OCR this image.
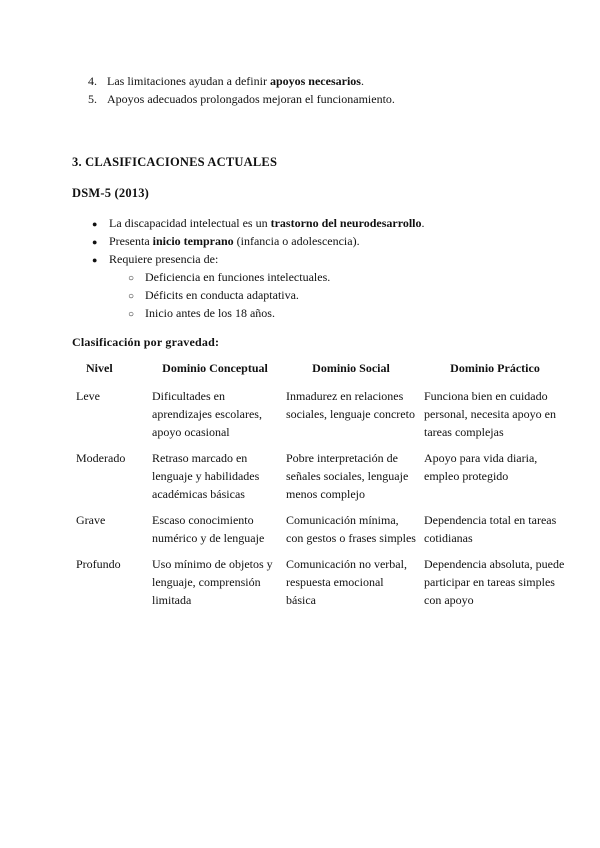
4. Las limitaciones ayudan a definir apoyos necesarios.
5. Apoyos adecuados prolongados mejoran el funcionamiento.
3. CLASIFICACIONES ACTUALES
DSM-5 (2013)
● La discapacidad intelectual es un trastorno del neurodesarrollo.
● Presenta inicio temprano (infancia o adolescencia).
● Requiere presencia de:
○ Deficiencia en funciones intelectuales.
○ Déficits en conducta adaptativa.
○ Inicio antes de los 18 años.
Clasificación por gravedad:
Nivel	Dominio Conceptual	Dominio Social	Dominio Práctico
Leve	Dificultades en aprendizajes escolares, apoyo ocasional	Inmadurez en relaciones sociales, lenguaje concreto	Funciona bien en cuidado personal, necesita apoyo en tareas complejas
Moderado	Retraso marcado en lenguaje y habilidades académicas básicas	Pobre interpretación de señales sociales, lenguaje menos complejo	Apoyo para vida diaria, empleo protegido
Grave	Escaso conocimiento numérico y de lenguaje	Comunicación mínima, con gestos o frases simples	Dependencia total en tareas cotidianas
Profundo	Uso mínimo de objetos y lenguaje, comprensión limitada	Comunicación no verbal, respuesta emocional básica	Dependencia absoluta, puede participar en tareas simples con apoyo
